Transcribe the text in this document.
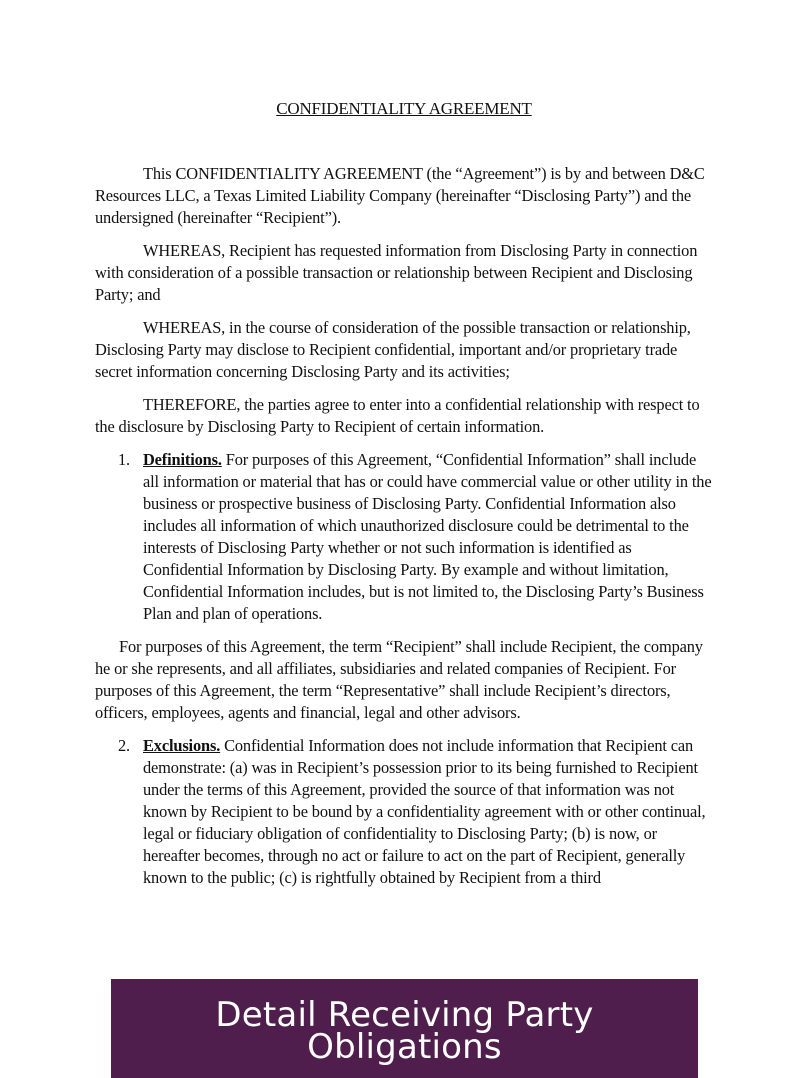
CONFIDENTIALITY AGREEMENT

This CONFIDENTIALITY AGREEMENT (the “Agreement”) is by and between D&C Resources LLC, a Texas Limited Liability Company (hereinafter “Disclosing Party”) and the undersigned (hereinafter “Recipient”).

WHEREAS, Recipient has requested information from Disclosing Party in connection with consideration of a possible transaction or relationship between Recipient and Disclosing Party; and

WHEREAS, in the course of consideration of the possible transaction or relationship, Disclosing Party may disclose to Recipient confidential, important and/or proprietary trade secret information concerning Disclosing Party and its activities;

THEREFORE, the parties agree to enter into a confidential relationship with respect to the disclosure by Disclosing Party to Recipient of certain information.

1. Definitions. For purposes of this Agreement, “Confidential Information” shall include all information or material that has or could have commercial value or other utility in the business or prospective business of Disclosing Party. Confidential Information also includes all information of which unauthorized disclosure could be detrimental to the interests of Disclosing Party whether or not such information is identified as Confidential Information by Disclosing Party. By example and without limitation, Confidential Information includes, but is not limited to, the Disclosing Party’s Business Plan and plan of operations.

For purposes of this Agreement, the term “Recipient” shall include Recipient, the company he or she represents, and all affiliates, subsidiaries and related companies of Recipient. For purposes of this Agreement, the term “Representative” shall include Recipient’s directors, officers, employees, agents and financial, legal and other advisors.

2. Exclusions. Confidential Information does not include information that Recipient can demonstrate: (a) was in Recipient’s possession prior to its being furnished to Recipient under the terms of this Agreement, provided the source of that information was not known by Recipient to be bound by a confidentiality agreement with or other continual, legal or fiduciary obligation of confidentiality to Disclosing Party; (b) is now, or hereafter becomes, through no act or failure to act on the part of Recipient, generally known to the public; (c) is rightfully obtained by Recipient from a third
Detail Receiving Party
Obligations
